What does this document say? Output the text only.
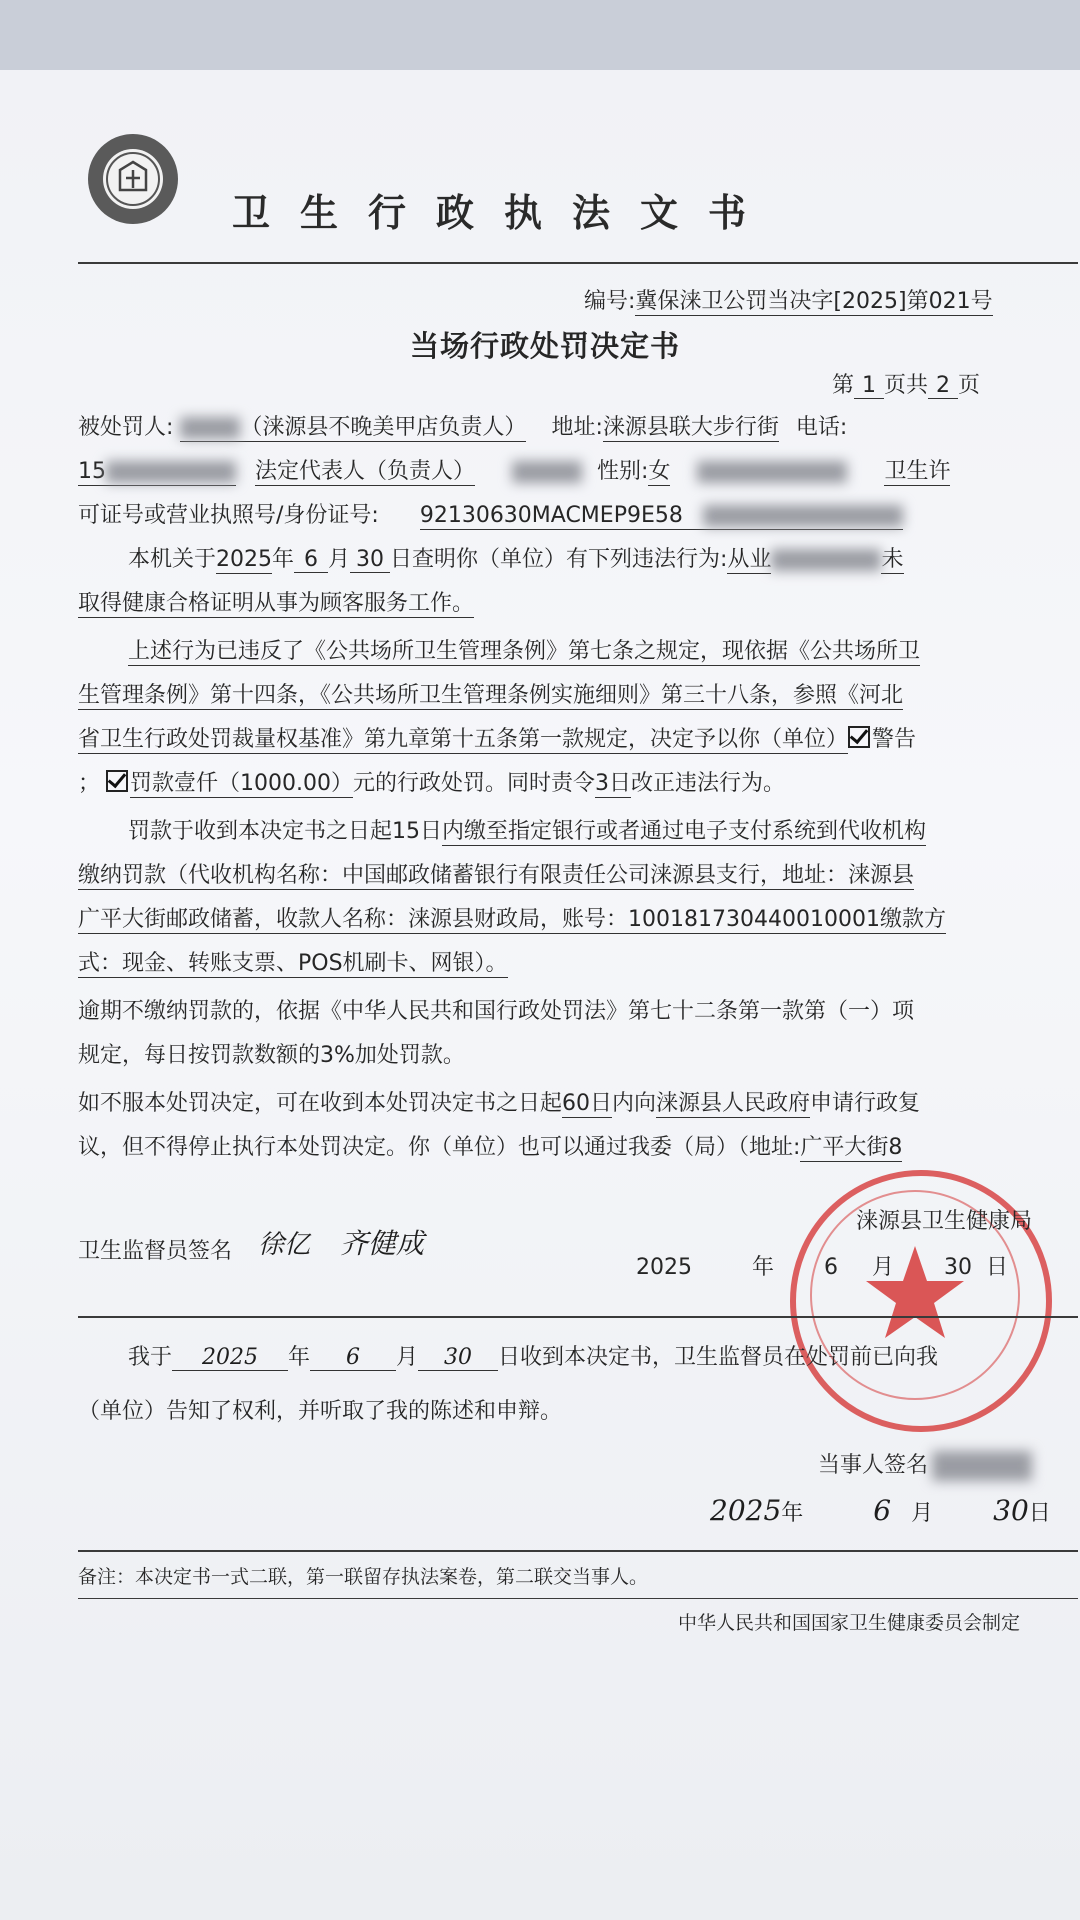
卫生行政执法文书
编号:冀保涞卫公罚当决字[2025]第021号
当场行政处罚决定书
第 1 页共 2 页
被处罚人:	（涞源县不晚美甲店负责人） 地址:涞源县联大步行街 电话:
15	法定代表人（负责人）	性别:女	卫生许
可证号或营业执照号/身份证号: 92130630MACMEP9E58
本机关于2025年 6 月 30 日查明你（单位）有下列违法行为:从业	未
取得健康合格证明从事为顾客服务工作。
上述行为已违反了《公共场所卫生管理条例》第七条之规定，现依据《公共场所卫
生管理条例》第十四条，《公共场所卫生管理条例实施细则》第三十八条，参照《河北
省卫生行政处罚裁量权基准》第九章第十五条第一款规定，决定予以你（单位） 警告
； 罚款壹仟（1000.00）元的行政处罚。同时责令3日改正违法行为。
罚款于收到本决定书之日起15日内缴至指定银行或者通过电子支付系统到代收机构
缴纳罚款（代收机构名称：中国邮政储蓄银行有限责任公司涞源县支行，地址：涞源县
广平大街邮政储蓄，收款人名称：涞源县财政局，账号：100181730440010001缴款方
式：现金、转账支票、POS机刷卡、网银）。
逾期不缴纳罚款的，依据《中华人民共和国行政处罚法》第七十二条第一款第（一）项
规定，每日按罚款数额的3%加处罚款。
如不服本处罚决定，可在收到本处罚决定书之日起60日内向涞源县人民政府申请行政复
议，但不得停止执行本处罚决定。你（单位）也可以通过我委（局）（地址:广平大街8
卫生监督员签名 徐亿 齐健成
涞源县卫生健康局
2025	年 6 月 30 日
我于 2025 年 6 月 30 日收到本决定书，卫生监督员在处罚前已向我
（单位）告知了权利，并听取了我的陈述和申辩。
当事人签名
2025年	6 月 30日
备注：本决定书一式二联，第一联留存执法案卷，第二联交当事人。
中华人民共和国国家卫生健康委员会制定
